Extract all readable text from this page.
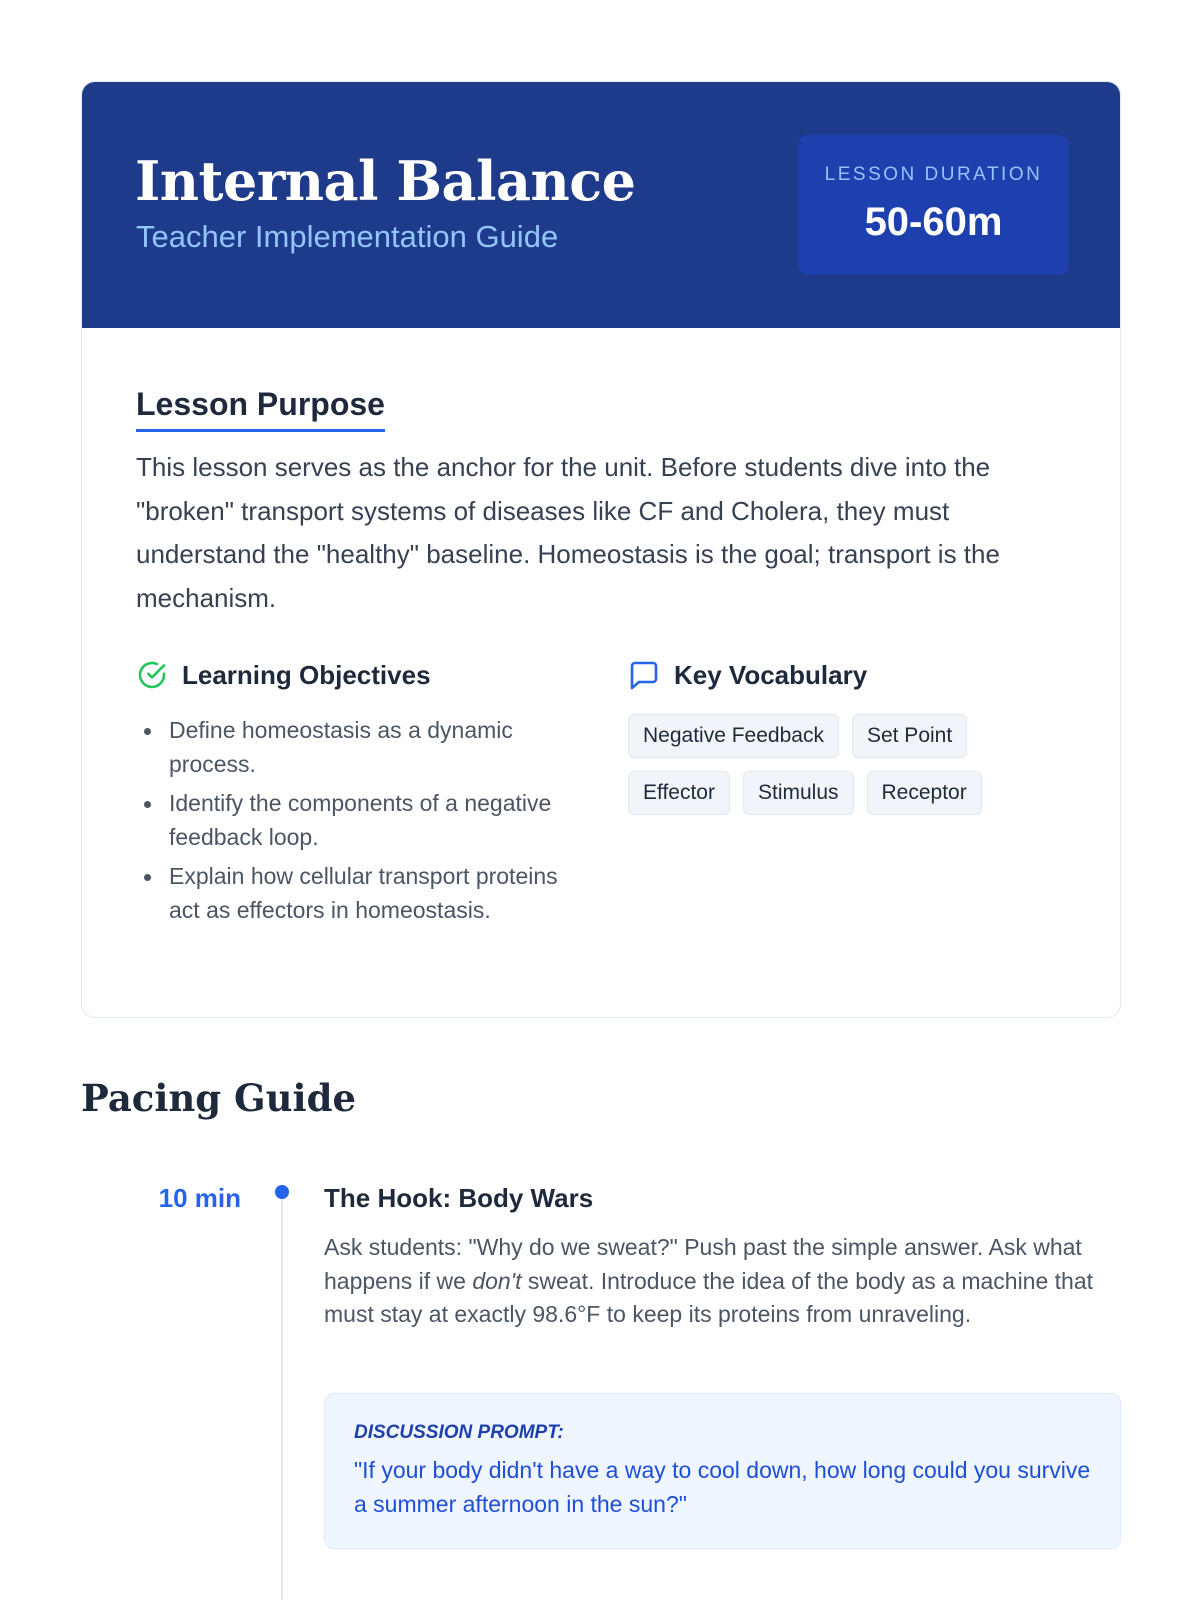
Internal Balance
Teacher Implementation Guide
LESSON DURATION
50-60m
Lesson Purpose

This lesson serves as the anchor for the unit. Before students dive into the "broken" transport systems of diseases like CF and Cholera, they must understand the "healthy" baseline. Homeostasis is the goal; transport is the mechanism.

Learning Objectives
Define homeostasis as a dynamic process.
Identify the components of a negative feedback loop.
Explain how cellular transport proteins act as effectors in homeostasis.
Key Vocabulary
Negative Feedback	Set Point
Effector	Stimulus	Receptor
Pacing Guide
10 min	The Hook: Body Wars

Ask students: "Why do we sweat?" Push past the simple answer. Ask what happens if we don't sweat. Introduce the idea of the body as a machine that must stay at exactly 98.6°F to keep its proteins from unraveling.

DISCUSSION PROMPT:
"If your body didn't have a way to cool down, how long could you survive a summer afternoon in the sun?"
